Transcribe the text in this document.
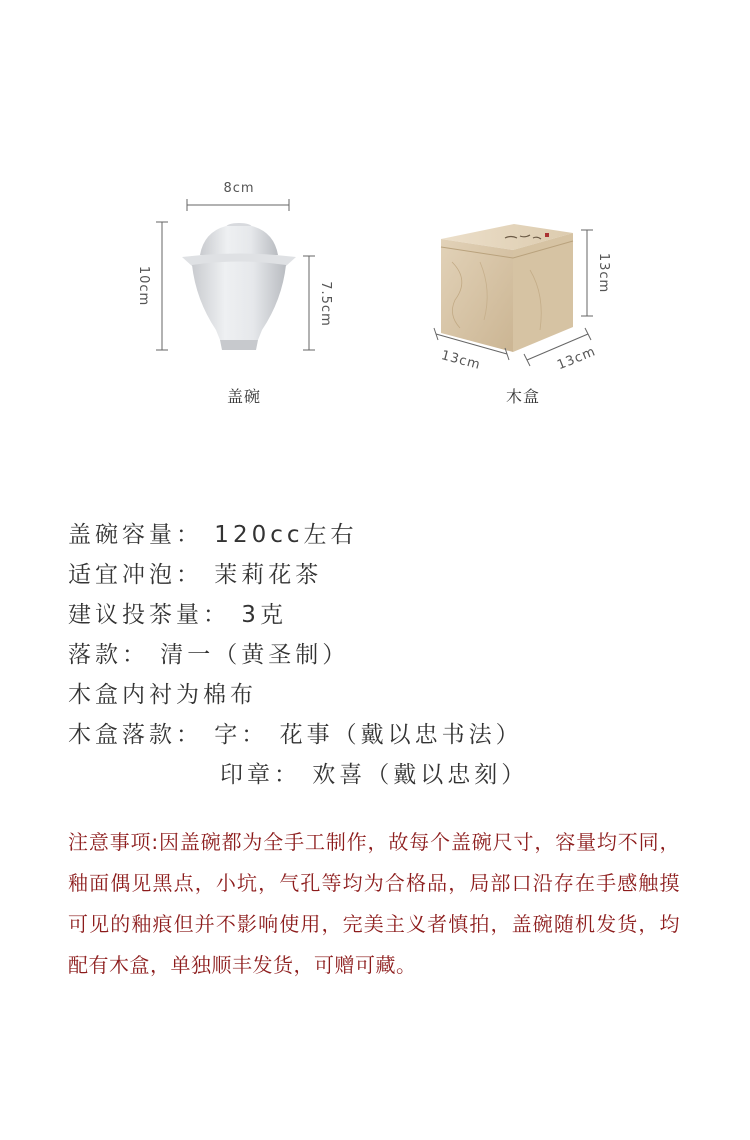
8cm
10cm	7.5cm
13cm
13cm	13cm
盖碗	木盒
盖碗容量： 120cc左右
适宜冲泡： 茉莉花茶
建议投茶量： 3克
落款： 清一（黄圣制）
木盒内衬为棉布
木盒落款： 字： 花事（戴以忠书法）
印章： 欢喜（戴以忠刻）
注意事项:因盖碗都为全手工制作，故每个盖碗尺寸，容量均不同，釉面偶见黑点，小坑，气孔等均为合格品，局部口沿存在手感触摸可见的釉痕但并不影响使用，完美主义者慎拍，盖碗随机发货，均配有木盒，单独顺丰发货，可赠可藏。
